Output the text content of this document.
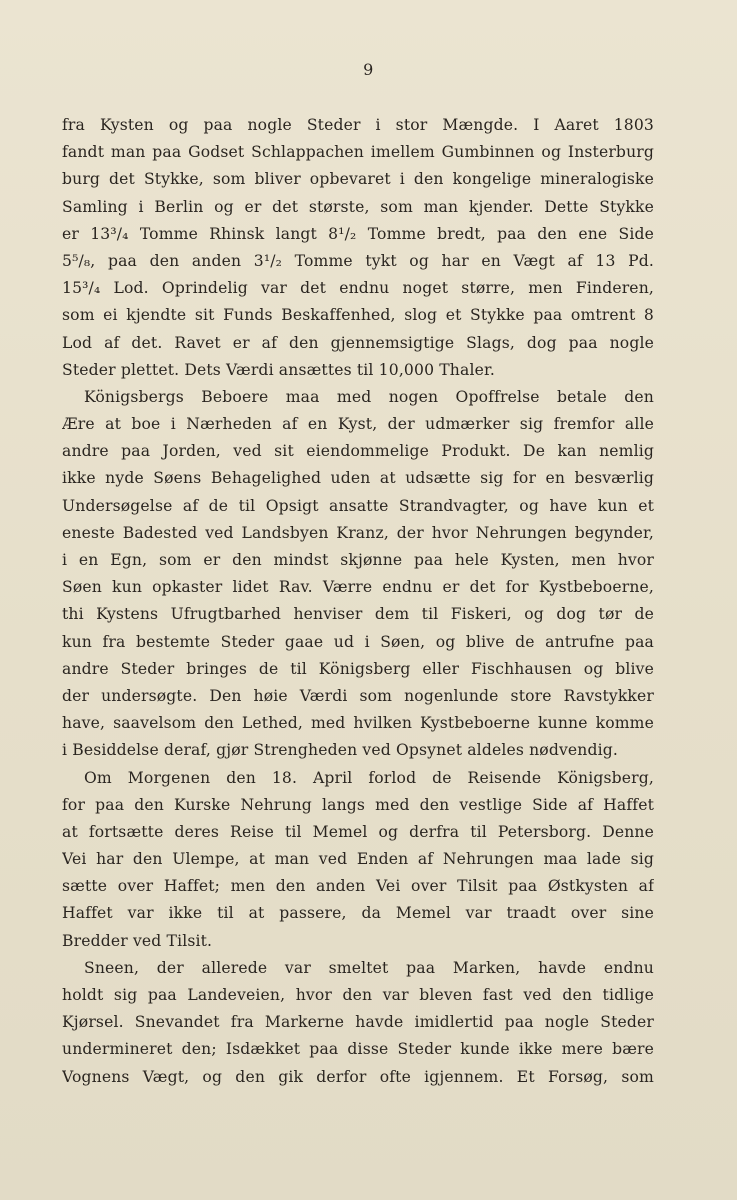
9
fra Kysten og paa nogle Steder i stor Mængde. I Aaret 1803
fandt man paa Godset Schlappachen imellem Gumbinnen og Insterburg
burg det Stykke, som bliver opbevaret i den kongelige mineralogiske
Samling i Berlin og er det største, som man kjender. Dette Stykke
er 13³/₄ Tomme Rhinsk langt 8¹/₂ Tomme bredt, paa den ene Side
5⁵/₈, paa den anden 3¹/₂ Tomme tykt og har en Vægt af 13 Pd.
15³/₄ Lod. Oprindelig var det endnu noget større, men Finderen,
som ei kjendte sit Funds Beskaffenhed, slog et Stykke paa omtrent 8
Lod af det. Ravet er af den gjennemsigtige Slags, dog paa nogle
Steder plettet. Dets Værdi ansættes til 10,000 Thaler.
Königsbergs Beboere maa med nogen Opoffrelse betale den
Ære at boe i Nærheden af en Kyst, der udmærker sig fremfor alle
andre paa Jorden, ved sit eiendommelige Produkt. De kan nemlig
ikke nyde Søens Behagelighed uden at udsætte sig for en besværlig
Undersøgelse af de til Opsigt ansatte Strandvagter, og have kun et
eneste Badested ved Landsbyen Kranz, der hvor Nehrungen begynder,
i en Egn, som er den mindst skjønne paa hele Kysten, men hvor
Søen kun opkaster lidet Rav. Værre endnu er det for Kystbeboerne,
thi Kystens Ufrugtbarhed henviser dem til Fiskeri, og dog tør de
kun fra bestemte Steder gaae ud i Søen, og blive de antrufne paa
andre Steder bringes de til Königsberg eller Fischhausen og blive
der undersøgte. Den høie Værdi som nogenlunde store Ravstykker
have, saavelsom den Lethed, med hvilken Kystbeboerne kunne komme
i Besiddelse deraf, gjør Strengheden ved Opsynet aldeles nødvendig.
Om Morgenen den 18. April forlod de Reisende Königsberg,
for paa den Kurske Nehrung langs med den vestlige Side af Haffet
at fortsætte deres Reise til Memel og derfra til Petersborg. Denne
Vei har den Ulempe, at man ved Enden af Nehrungen maa lade sig
sætte over Haffet; men den anden Vei over Tilsit paa Østkysten af
Haffet var ikke til at passere, da Memel var traadt over sine
Bredder ved Tilsit.
Sneen, der allerede var smeltet paa Marken, havde endnu
holdt sig paa Landeveien, hvor den var bleven fast ved den tidlige
Kjørsel. Snevandet fra Markerne havde imidlertid paa nogle Steder
undermineret den; Isdækket paa disse Steder kunde ikke mere bære
Vognens Vægt, og den gik derfor ofte igjennem. Et Forsøg, som
